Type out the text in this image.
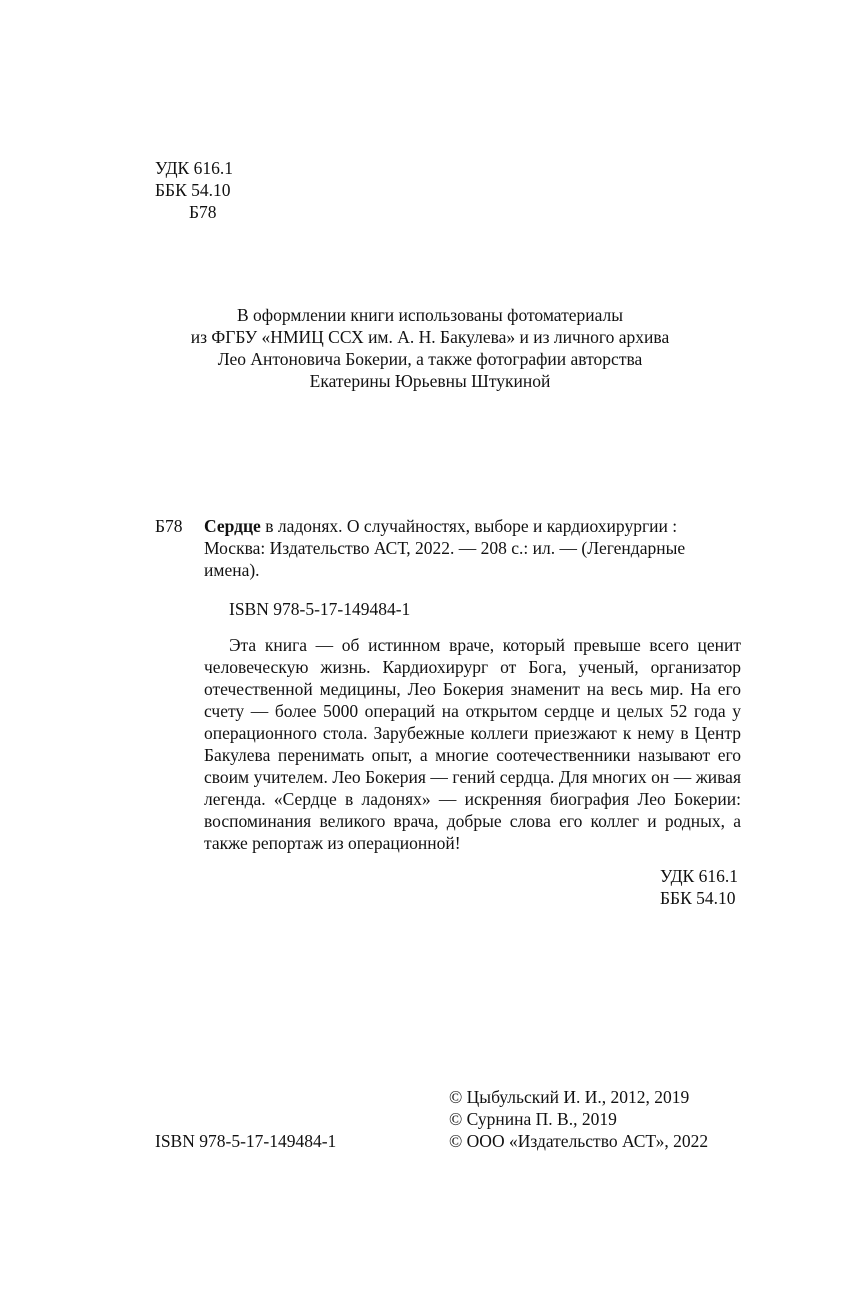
УДК 616.1
ББК 54.10
Б78
В оформлении книги использованы фотоматериалы
из ФГБУ «НМИЦ ССХ им. А. Н. Бакулева» и из личного архива
Лео Антоновича Бокерии, а также фотографии авторства
Екатерины Юрьевны Штукиной
Б78 Сердце в ладонях. О случайностях, выборе и кардиохирургии : Москва: Издательство АСТ, 2022. — 208 с.: ил. — (Легендарные имена).
ISBN 978-5-17-149484-1

Эта книга — об истинном враче, который превыше всего ценит человеческую жизнь. Кардиохирург от Бога, ученый, организатор отечественной медицины, Лео Бокерия знаменит на весь мир. На его счету — более 5000 операций на открытом сердце и целых 52 года у операционного стола. Зарубежные коллеги приезжают к нему в Центр Бакулева перенимать опыт, а многие соотечественники называют его своим учителем. Лео Бокерия — гений сердца. Для многих он — живая легенда. «Сердце в ладонях» — искренняя биография Лео Бокерии: воспоминания великого врача, добрые слова его коллег и родных, а также репортаж из операционной!

УДК 616.1
ББК 54.10
ISBN 978-5-17-149484-1
© Цыбульский И. И., 2012, 2019
© Сурнина П. В., 2019
© ООО «Издательство АСТ», 2022
